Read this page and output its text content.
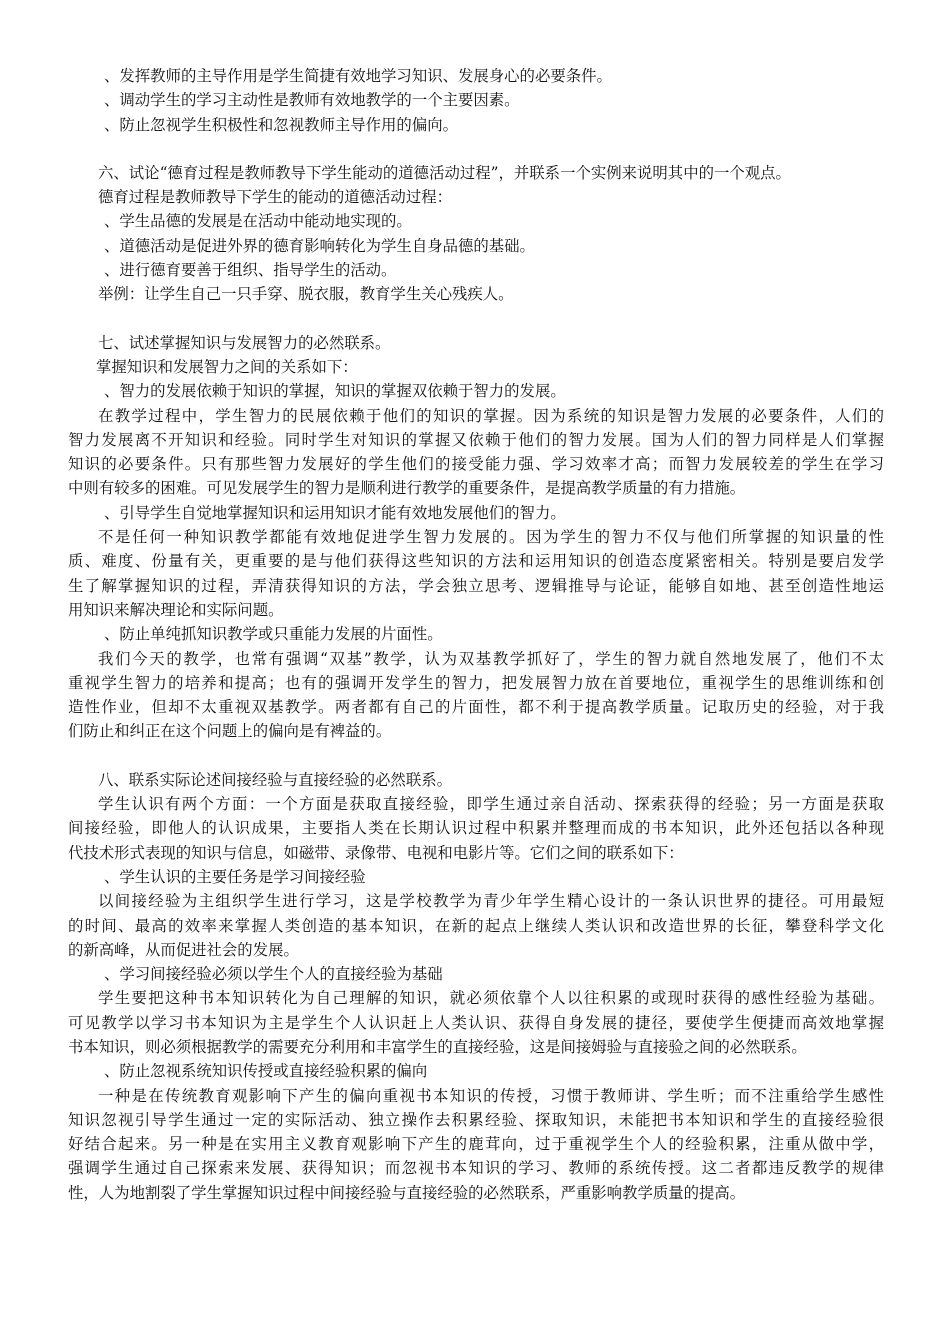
、发挥教师的主导作用是学生简捷有效地学习知识、发展身心的必要条件。
、调动学生的学习主动性是教师有效地教学的一个主要因素。
、防止忽视学生积极性和忽视教师主导作用的偏向。
六、试论“德育过程是教师教导下学生能动的道德活动过程”，并联系一个实例来说明其中的一个观点。
德育过程是教师教导下学生的能动的道德活动过程：
、学生品德的发展是在活动中能动地实现的。
、道德活动是促进外界的德育影响转化为学生自身品德的基础。
、进行德育要善于组织、指导学生的活动。
举例：让学生自己一只手穿、脱衣服，教育学生关心残疾人。
七、试述掌握知识与发展智力的必然联系。
掌握知识和发展智力之间的关系如下：
、智力的发展依赖于知识的掌握，知识的掌握双依赖于智力的发展。
在教学过程中，学生智力的民展依赖于他们的知识的掌握。因为系统的知识是智力发展的必要条件，人们的
智力发展离不开知识和经验。同时学生对知识的掌握又依赖于他们的智力发展。国为人们的智力同样是人们掌握
知识的必要条件。只有那些智力发展好的学生他们的接受能力强、学习效率才高；而智力发展较差的学生在学习
中则有较多的困难。可见发展学生的智力是顺利进行教学的重要条件，是提高教学质量的有力措施。
、引导学生自觉地掌握知识和运用知识才能有效地发展他们的智力。
不是任何一种知识教学都能有效地促进学生智力发展的。因为学生的智力不仅与他们所掌握的知识量的性
质、难度、份量有关，更重要的是与他们获得这些知识的方法和运用知识的创造态度紧密相关。特别是要启发学
生了解掌握知识的过程，弄清获得知识的方法，学会独立思考、逻辑推导与论证，能够自如地、甚至创造性地运
用知识来解决理论和实际问题。
、防止单纯抓知识教学或只重能力发展的片面性。
我们今天的教学，也常有强调“双基”教学，认为双基教学抓好了，学生的智力就自然地发展了，他们不太
重视学生智力的培养和提高；也有的强调开发学生的智力，把发展智力放在首要地位，重视学生的思维训练和创
造性作业，但却不太重视双基教学。两者都有自己的片面性，都不利于提高教学质量。记取历史的经验，对于我
们防止和纠正在这个问题上的偏向是有裨益的。
八、联系实际论述间接经验与直接经验的必然联系。
学生认识有两个方面：一个方面是获取直接经验，即学生通过亲自活动、探索获得的经验；另一方面是获取
间接经验，即他人的认识成果，主要指人类在长期认识过程中积累并整理而成的书本知识，此外还包括以各种现
代技术形式表现的知识与信息，如磁带、录像带、电视和电影片等。它们之间的联系如下：
、学生认识的主要任务是学习间接经验
以间接经验为主组织学生进行学习，这是学校教学为青少年学生精心设计的一条认识世界的捷径。可用最短
的时间、最高的效率来掌握人类创造的基本知识，在新的起点上继续人类认识和改造世界的长征，攀登科学文化
的新高峰，从而促进社会的发展。
、学习间接经验必须以学生个人的直接经验为基础
学生要把这种书本知识转化为自己理解的知识，就必须依靠个人以往积累的或现时获得的感性经验为基础。
可见教学以学习书本知识为主是学生个人认识赶上人类认识、获得自身发展的捷径，要使学生便捷而高效地掌握
书本知识，则必须根据教学的需要充分利用和丰富学生的直接经验，这是间接姆验与直接验之间的必然联系。
、防止忽视系统知识传授或直接经验积累的偏向
一种是在传统教育观影响下产生的偏向重视书本知识的传授，习惯于教师讲、学生听；而不注重给学生感性
知识忽视引导学生通过一定的实际活动、独立操作去积累经验、探取知识，未能把书本知识和学生的直接经验很
好结合起来。另一种是在实用主义教育观影响下产生的鹿茸向，过于重视学生个人的经验积累，注重从做中学，
强调学生通过自己探索来发展、获得知识；而忽视书本知识的学习、教师的系统传授。这二者都违反教学的规律
性，人为地割裂了学生掌握知识过程中间接经验与直接经验的必然联系，严重影响教学质量的提高。
